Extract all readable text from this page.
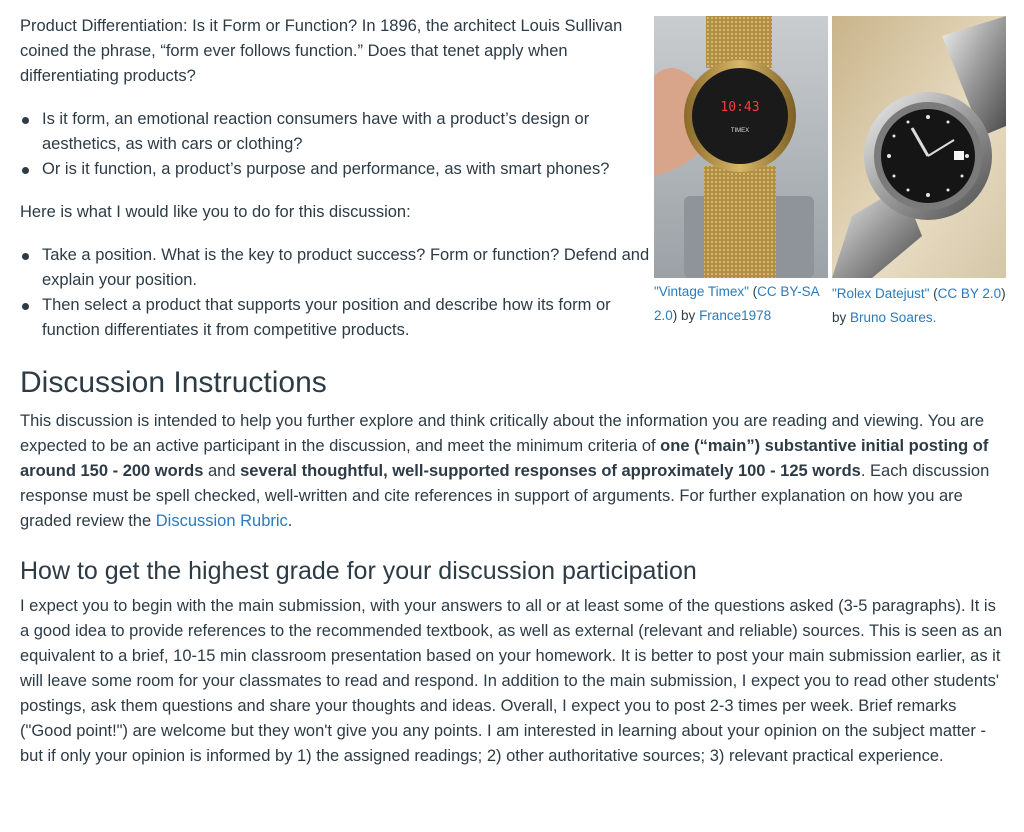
Product Differentiation: Is it Form or Function? In 1896, the architect Louis Sullivan coined the phrase, “form ever follows function.” Does that tenet apply when differentiating products?

Is it form, an emotional reaction consumers have with a product’s design or aesthetics, as with cars or clothing?
Or is it function, a product’s purpose and performance, as with smart phones?

Here is what I would like you to do for this discussion:

Take a position. What is the key to product success? Form or function? Defend and explain your position.
Then select a product that supports your position and describe how its form or function differentiates it from competitive products.
10:43
TIMEX
"Vintage Timex" (CC BY-SA 2.0) by France1978
"Rolex Datejust" (CC BY 2.0) by Bruno Soares.
Discussion Instructions

This discussion is intended to help you further explore and think critically about the information you are reading and viewing. You are expected to be an active participant in the discussion, and meet the minimum criteria of one (“main”) substantive initial posting of around 150 - 200 words and several thoughtful, well-supported responses of approximately 100 - 125 words. Each discussion response must be spell checked, well-written and cite references in support of arguments. For further explanation on how you are graded review the Discussion Rubric.

How to get the highest grade for your discussion participation

I expect you to begin with the main submission, with your answers to all or at least some of the questions asked (3-5 paragraphs). It is a good idea to provide references to the recommended textbook, as well as external (relevant and reliable) sources. This is seen as an equivalent to a brief, 10-15 min classroom presentation based on your homework. It is better to post your main submission earlier, as it will leave some room for your classmates to read and respond. In addition to the main submission, I expect you to read other students' postings, ask them questions and share your thoughts and ideas. Overall, I expect you to post 2-3 times per week. Brief remarks ("Good point!") are welcome but they won't give you any points. I am interested in learning about your opinion on the subject matter - but if only your opinion is informed by 1) the assigned readings; 2) other authoritative sources; 3) relevant practical experience.
